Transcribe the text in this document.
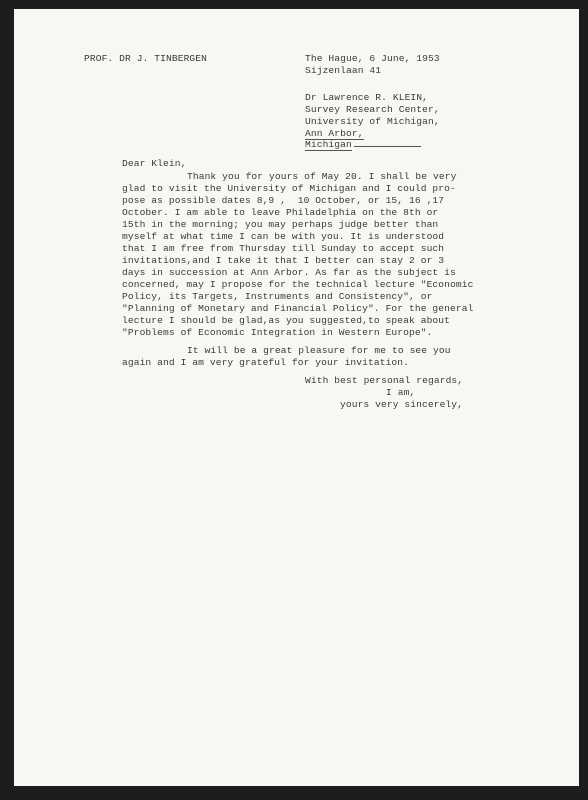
PROF. DR J. TINBERGEN	The Hague, 6 June, 1953
Sijzenlaan 41
Dr Lawrence R. KLEIN,
Survey Research Center,
University of Michigan,
Ann Arbor,
Michigan
Dear Klein,
Thank you for yours of May 20. I shall be very
glad to visit the University of Michigan and I could pro-
pose as possible dates 8,9 ,  10 October, or 15, 16 ,17
October. I am able to leave Philadelphia on the 8th or
15th in the morning; you may perhaps judge better than
myself at what time I can be with you. It is understood
that I am free from Thursday till Sunday to accept such
invitations,and I take it that I better can stay 2 or 3
days in succession at Ann Arbor. As far as the subject is
concerned, may I propose for the technical lecture "Economic
Policy, its Targets, Instruments and Consistency", or
"Planning of Monetary and Financial Policy". For the general
lecture I should be glad,as you suggested,to speak about
"Problems of Economic Integration in Western Europe".
It will be a great pleasure for me to see you
again and I am very grateful for your invitation.
With best personal regards,
I am,
yours very sincerely,
